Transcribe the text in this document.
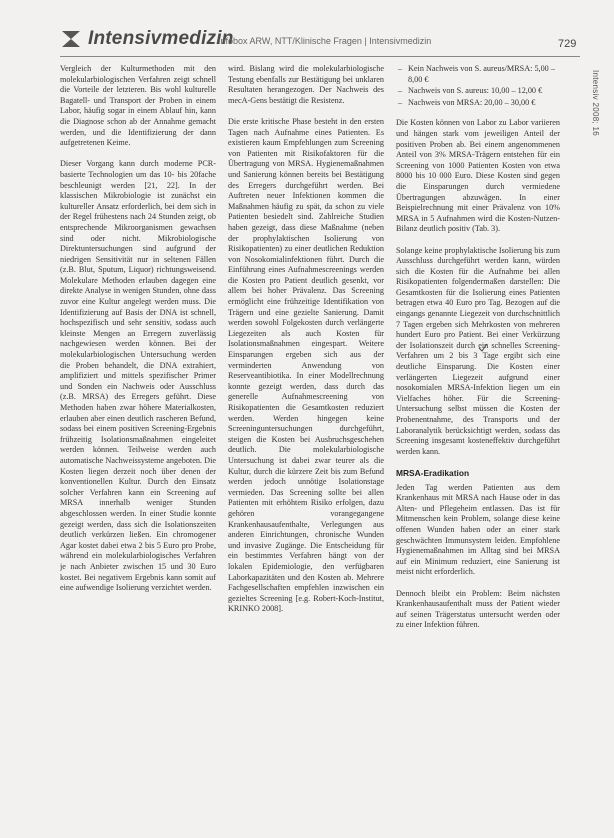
Intensivmedizin
Infobox ARW, NTT/Klinische Fragen | Intensivmedizin	729
Intensiv 2008; 16

Vergleich der Kulturmethoden mit den molekularbiologischen Verfahren zeigt schnell die Vorteile der letzteren. Bis wohl kulturelle Bagatell- und Transport der Proben in einem Labor, häufig sogar in einem Ablauf hin, kann die Diagnose schon ab der Annahme gemacht werden, und die Identifizierung der dann aufgetretenen Keime.

Dieser Vorgang kann durch moderne PCR-basierte Technologien um das 10- bis 20fache beschleunigt werden [21, 22]. In der klassischen Mikrobiologie ist zunächst ein kultureller Ansatz erforderlich, bei dem sich in der Regel frühestens nach 24 Stunden zeigt, ob entsprechende Mikroorganismen gewachsen sind oder nicht. Mikrobiologische Direktuntersuchungen sind aufgrund der niedrigen Sensitivität nur in seltenen Fällen (z.B. Blut, Sputum, Liquor) richtungsweisend. Molekulare Methoden erlauben dagegen eine direkte Analyse in wenigen Stunden, ohne dass zuvor eine Kultur angelegt werden muss. Die Identifizierung auf Basis der DNA ist schnell, hochspezifisch und sehr sensitiv, sodass auch kleinste Mengen an Erregern zuverlässig nachgewiesen werden können. Bei der molekularbiologischen Untersuchung werden die Proben behandelt, die DNA extrahiert, amplifiziert und mittels spezifischer Primer und Sonden ein Nachweis oder Ausschluss (z.B. MRSA) des Erregers geführt. Diese Methoden haben zwar höhere Materialkosten, erlauben aber einen deutlich rascheren Befund, sodass bei einem positiven Screening-Ergebnis frühzeitig Isolationsmaßnahmen eingeleitet werden können. Teilweise werden auch automatische Nachweissysteme angeboten. Die Kosten liegen derzeit noch über denen der konventionellen Kultur. Durch den Einsatz solcher Verfahren kann ein Screening auf MRSA innerhalb weniger Stunden abgeschlossen werden. In einer Studie konnte gezeigt werden, dass sich die Isolationszeiten deutlich verkürzen ließen. Ein chromogener Agar kostet dabei etwa 2 bis 5 Euro pro Probe, während ein molekularbiologisches Verfahren je nach Anbieter zwischen 15 und 30 Euro kostet. Bei negativem Ergebnis kann somit auf eine aufwendige Isolierung verzichtet werden.

wird. Bislang wird die molekularbiologische Testung ebenfalls zur Bestätigung bei unklaren Resultaten herangezogen. Der Nachweis des mecA-Gens bestätigt die Resistenz.

Die erste kritische Phase besteht in den ersten Tagen nach Aufnahme eines Patienten. Es existieren kaum Empfehlungen zum Screening von Patienten mit Risikofaktoren für die Übertragung von MRSA. Hygienemaßnahmen und Sanierung können bereits bei Bestätigung des Erregers durchgeführt werden. Bei Auftreten neuer Infektionen kommen die Maßnahmen häufig zu spät, da schon zu viele Patienten besiedelt sind. Zahlreiche Studien haben gezeigt, dass diese Maßnahme (neben der prophylaktischen Isolierung von Risikopatienten) zu einer deutlichen Reduktion von Nosokomialinfektionen führt. Durch die Einführung eines Aufnahmescreenings werden die Kosten pro Patient deutlich gesenkt, vor allem bei hoher Prävalenz. Das Screening ermöglicht eine frühzeitige Identifikation von Trägern und eine gezielte Sanierung. Damit werden sowohl Folgekosten durch verlängerte Liegezeiten als auch Kosten für Isolationsmaßnahmen eingespart. Weitere Einsparungen ergeben sich aus der verminderten Anwendung von Reserveantibiotika. In einer Modellrechnung konnte gezeigt werden, dass durch das generelle Aufnahmescreening von Risikopatienten die Gesamtkosten reduziert werden. Werden hingegen keine Screeninguntersuchungen durchgeführt, steigen die Kosten bei Ausbruchsgeschehen deutlich. Die molekularbiologische Untersuchung ist dabei zwar teurer als die Kultur, durch die kürzere Zeit bis zum Befund werden jedoch unnötige Isolationstage vermieden. Das Screening sollte bei allen Patienten mit erhöhtem Risiko erfolgen, dazu gehören vorangegangene Krankenhausaufenthalte, Verlegungen aus anderen Einrichtungen, chronische Wunden und invasive Zugänge. Die Entscheidung für ein bestimmtes Verfahren hängt von der lokalen Epidemiologie, den verfügbaren Laborkapazitäten und den Kosten ab. Mehrere Fachgesellschaften empfehlen inzwischen ein gezieltes Screening [e.g. Robert-Koch-Institut, KRINKO 2008].

– Kein Nachweis von S. aureus/MRSA: 5,00 – 8,00 €
– Nachweis von S. aureus: 10,00 – 12,00 €
– Nachweis von MRSA: 20,00 – 30,00 €

Die Kosten können von Labor zu Labor variieren und hängen stark vom jeweiligen Anteil der positiven Proben ab. Bei einem angenommenen Anteil von 3% MRSA-Trägern entstehen für ein Screening von 1000 Patienten Kosten von etwa 8000 bis 10 000 Euro. Diese Kosten sind gegen die Einsparungen durch vermiedene Übertragungen abzuwägen. In einer Beispielrechnung mit einer Prävalenz von 10% MRSA in 5 Aufnahmen wird die Kosten-Nutzen-Bilanz deutlich positiv (Tab. 3).

Solange keine prophylaktische Isolierung bis zum Ausschluss durchgeführt werden kann, würden sich die Kosten für die Aufnahme bei allen Risikopatienten folgendermaßen darstellen: Die Gesamtkosten für die Isolierung eines Patienten betragen etwa 40 Euro pro Tag. Bezogen auf die eingangs genannte Liegezeit von durchschnittlich 7 Tagen ergeben sich Mehrkosten von mehreren hundert Euro pro Patient. Bei einer Verkürzung der Isolationszeit durch ein schnelles Screening-Verfahren um 2 bis 3 Tage ergibt sich eine deutliche Einsparung. Die Kosten einer verlängerten Liegezeit aufgrund einer nosokomialen MRSA-Infektion liegen um ein Vielfaches höher. Für die Screening-Untersuchung selbst müssen die Kosten der Probenentnahme, des Transports und der Laboranalytik berücksichtigt werden, sodass das Screening insgesamt kosteneffektiv durchgeführt werden kann.

MRSA-Eradikation

Jeden Tag werden Patienten aus dem Krankenhaus mit MRSA nach Hause oder in das Alten- und Pflegeheim entlassen. Das ist für Mitmenschen kein Problem, solange diese keine offenen Wunden haben oder an einer stark geschwächten Immunsystem leiden. Empfohlene Hygienemaßnahmen im Alltag sind bei MRSA auf ein Minimum reduziert, eine Sanierung ist meist nicht erforderlich.

Dennoch bleibt ein Problem: Beim nächsten Krankenhausaufenthalt muss der Patient wieder auf seinen Trägerstatus untersucht werden oder zu einer Infektion führen.
